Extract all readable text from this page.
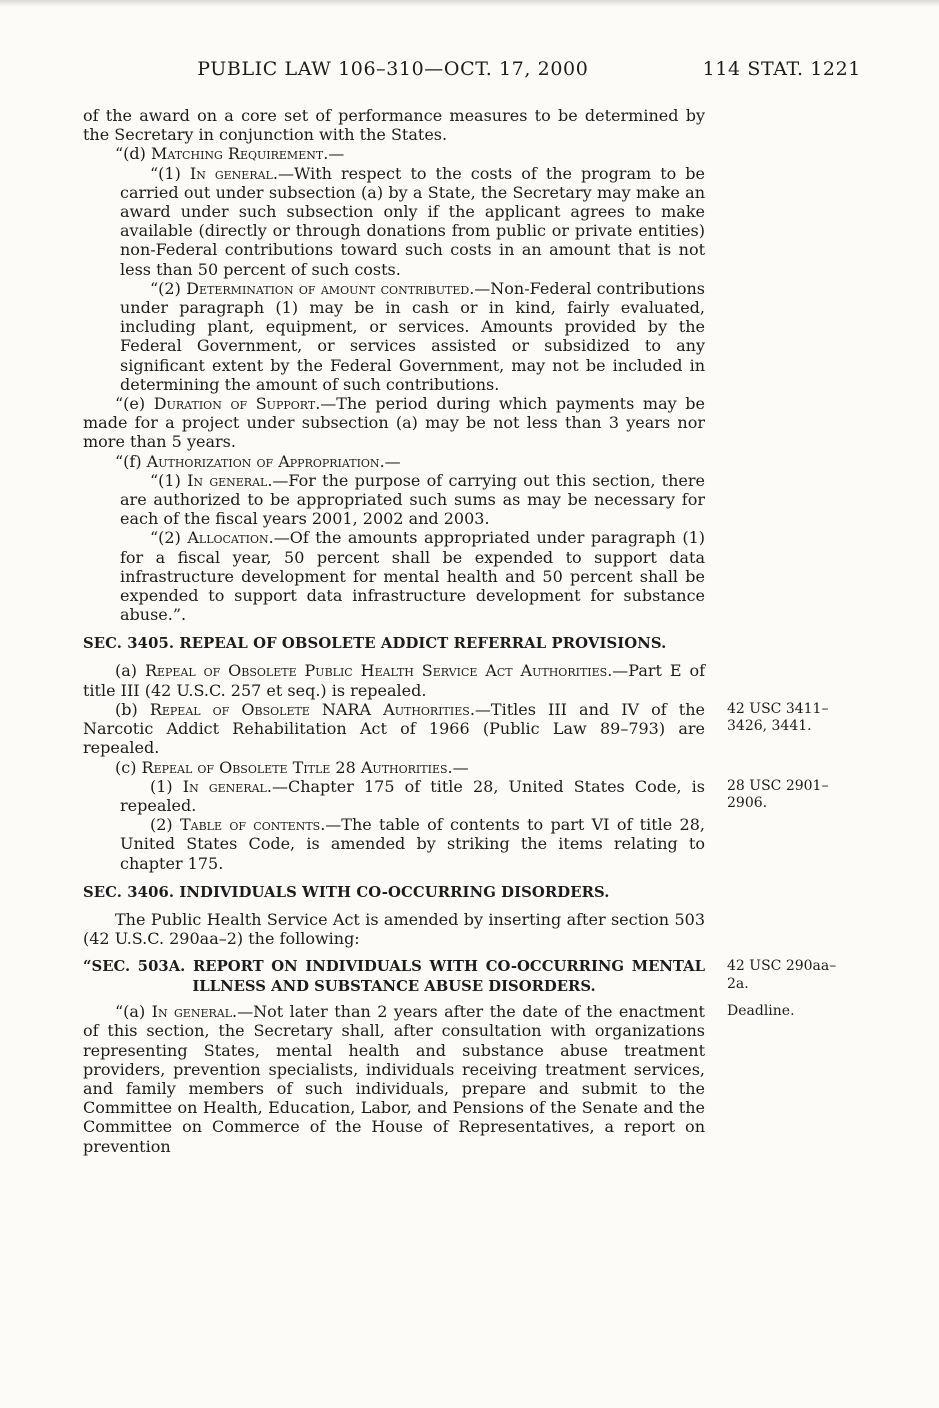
PUBLIC LAW 106–310—OCT. 17, 2000	114 STAT. 1221
of the award on a core set of performance measures to be determined by the Secretary in conjunction with the States.
“(d) Matching Requirement.—
“(1) In general.—With respect to the costs of the program to be carried out under subsection (a) by a State, the Secretary may make an award under such subsection only if the applicant agrees to make available (directly or through donations from public or private entities) non-Federal contributions toward such costs in an amount that is not less than 50 percent of such costs.
“(2) Determination of amount contributed.—Non-Federal contributions under paragraph (1) may be in cash or in kind, fairly evaluated, including plant, equipment, or services. Amounts provided by the Federal Government, or services assisted or subsidized to any significant extent by the Federal Government, may not be included in determining the amount of such contributions.
“(e) Duration of Support.—The period during which payments may be made for a project under subsection (a) may be not less than 3 years nor more than 5 years.
“(f) Authorization of Appropriation.—
“(1) In general.—For the purpose of carrying out this section, there are authorized to be appropriated such sums as may be necessary for each of the fiscal years 2001, 2002 and 2003.
“(2) Allocation.—Of the amounts appropriated under paragraph (1) for a fiscal year, 50 percent shall be expended to support data infrastructure development for mental health and 50 percent shall be expended to support data infrastructure development for substance abuse.”.
SEC. 3405. REPEAL OF OBSOLETE ADDICT REFERRAL PROVISIONS.
(a) Repeal of Obsolete Public Health Service Act Authorities.—Part E of title III (42 U.S.C. 257 et seq.) is repealed.
(b) Repeal of Obsolete NARA Authorities.—Titles III and IV of the Narcotic Addict Rehabilitation Act of 1966 (Public Law 89–793) are repealed.
42 USC 3411–
3426, 3441.
(c) Repeal of Obsolete Title 28 Authorities.—
(1) In general.—Chapter 175 of title 28, United States Code, is repealed.
28 USC 2901–
2906.
(2) Table of contents.—The table of contents to part VI of title 28, United States Code, is amended by striking the items relating to chapter 175.
SEC. 3406. INDIVIDUALS WITH CO-OCCURRING DISORDERS.
The Public Health Service Act is amended by inserting after section 503 (42 U.S.C. 290aa–2) the following:
“SEC. 503A. REPORT ON INDIVIDUALS WITH CO-OCCURRING MENTAL
ILLNESS AND SUBSTANCE ABUSE DISORDERS.
42 USC 290aa–
2a.
“(a) In general.—Not later than 2 years after the date of the enactment of this section, the Secretary shall, after consultation with organizations representing States, mental health and substance abuse treatment providers, prevention specialists, individuals receiving treatment services, and family members of such individuals, prepare and submit to the Committee on Health, Education, Labor, and Pensions of the Senate and the Committee on Commerce of the House of Representatives, a report on prevention
Deadline.
